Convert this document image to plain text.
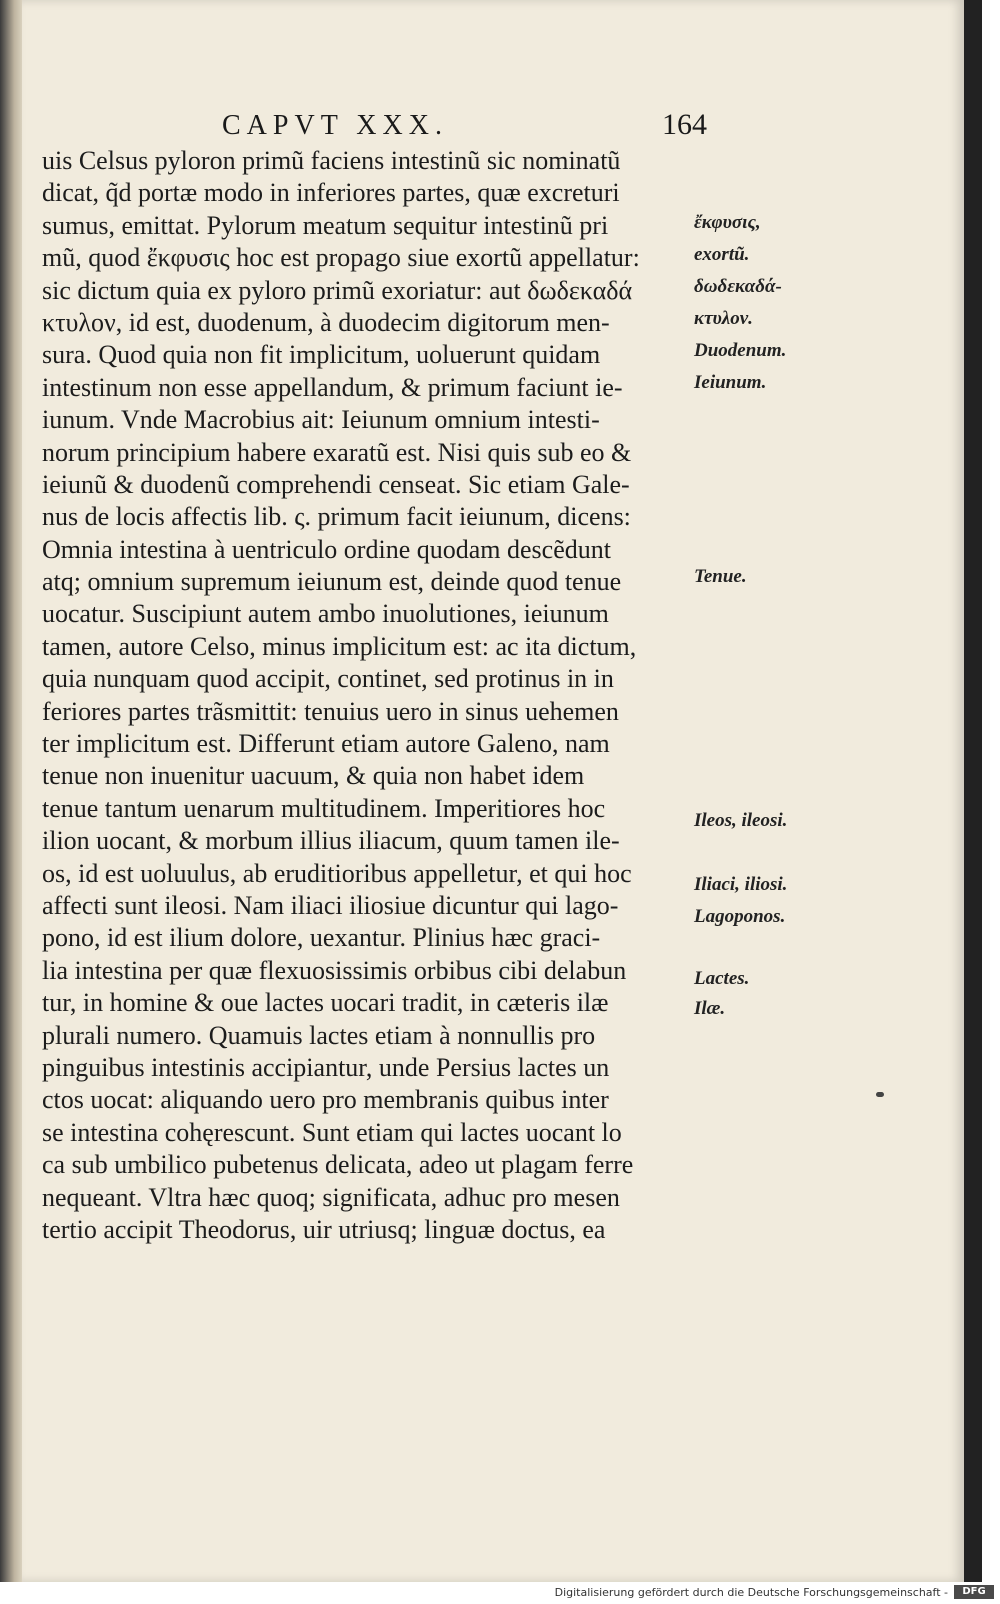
CAPVT XXX.	164
uis Celsus pyloron primũ faciens intestinũ sic nominatũ
dicat, q̃d portæ modo in inferiores partes, quæ excreturi
sumus, emittat. Pylorum meatum sequitur intestinũ pri
mũ, quod ἔκφυσις hoc est propago siue exortũ appellatur:
sic dictum quia ex pyloro primũ exoriatur: aut δωδεκαδά
κτυλον, id est, duodenum, à duodecim digitorum men-
sura. Quod quia non fit implicitum, uoluerunt quidam
intestinum non esse appellandum, & primum faciunt ie-
iunum. Vnde Macrobius ait: Ieiunum omnium intesti-
norum principium habere exaratũ est. Nisi quis sub eo &
ieiunũ & duodenũ comprehendi censeat. Sic etiam Gale-
nus de locis affectis lib. ς. primum facit ieiunum, dicens:
Omnia intestina à uentriculo ordine quodam descẽdunt
atq; omnium supremum ieiunum est, deinde quod tenue
uocatur. Suscipiunt autem ambo inuolutiones, ieiunum
tamen, autore Celso, minus implicitum est: ac ita dictum,
quia nunquam quod accipit, continet, sed protinus in in
feriores partes trãsmittit: tenuius uero in sinus uehemen
ter implicitum est. Differunt etiam autore Galeno, nam
tenue non inuenitur uacuum, & quia non habet idem
tenue tantum uenarum multitudinem. Imperitiores hoc
ilion uocant, & morbum illius iliacum, quum tamen ile-
os, id est uoluulus, ab eruditioribus appelletur, et qui hoc
affecti sunt ileosi. Nam iliaci iliosiue dicuntur qui lago-
pono, id est ilium dolore, uexantur. Plinius hæc graci-
lia intestina per quæ flexuosissimis orbibus cibi delabun
tur, in homine & oue lactes uocari tradit, in cæteris ilæ
plurali numero. Quamuis lactes etiam à nonnullis pro
pinguibus intestinis accipiantur, unde Persius lactes un
ctos uocat: aliquando uero pro membranis quibus inter
se intestina cohęrescunt. Sunt etiam qui lactes uocant lo
ca sub umbilico pubetenus delicata, adeo ut plagam ferre
nequeant. Vltra hæc quoq; significata, adhuc pro mesen
tertio accipit Theodorus, uir utriusq; linguæ doctus, ea
ἔκφυσις,
exortũ.
δωδεκαδά-
κτυλον.
Duodenum.
Ieiunum.
Tenue.
Ileos, ileosi.
Iliaci, iliosi.
Lagoponos.
Lactes.
Ilæ.
Digitalisierung gefördert durch die Deutsche Forschungsgemeinschaft -	DFG
